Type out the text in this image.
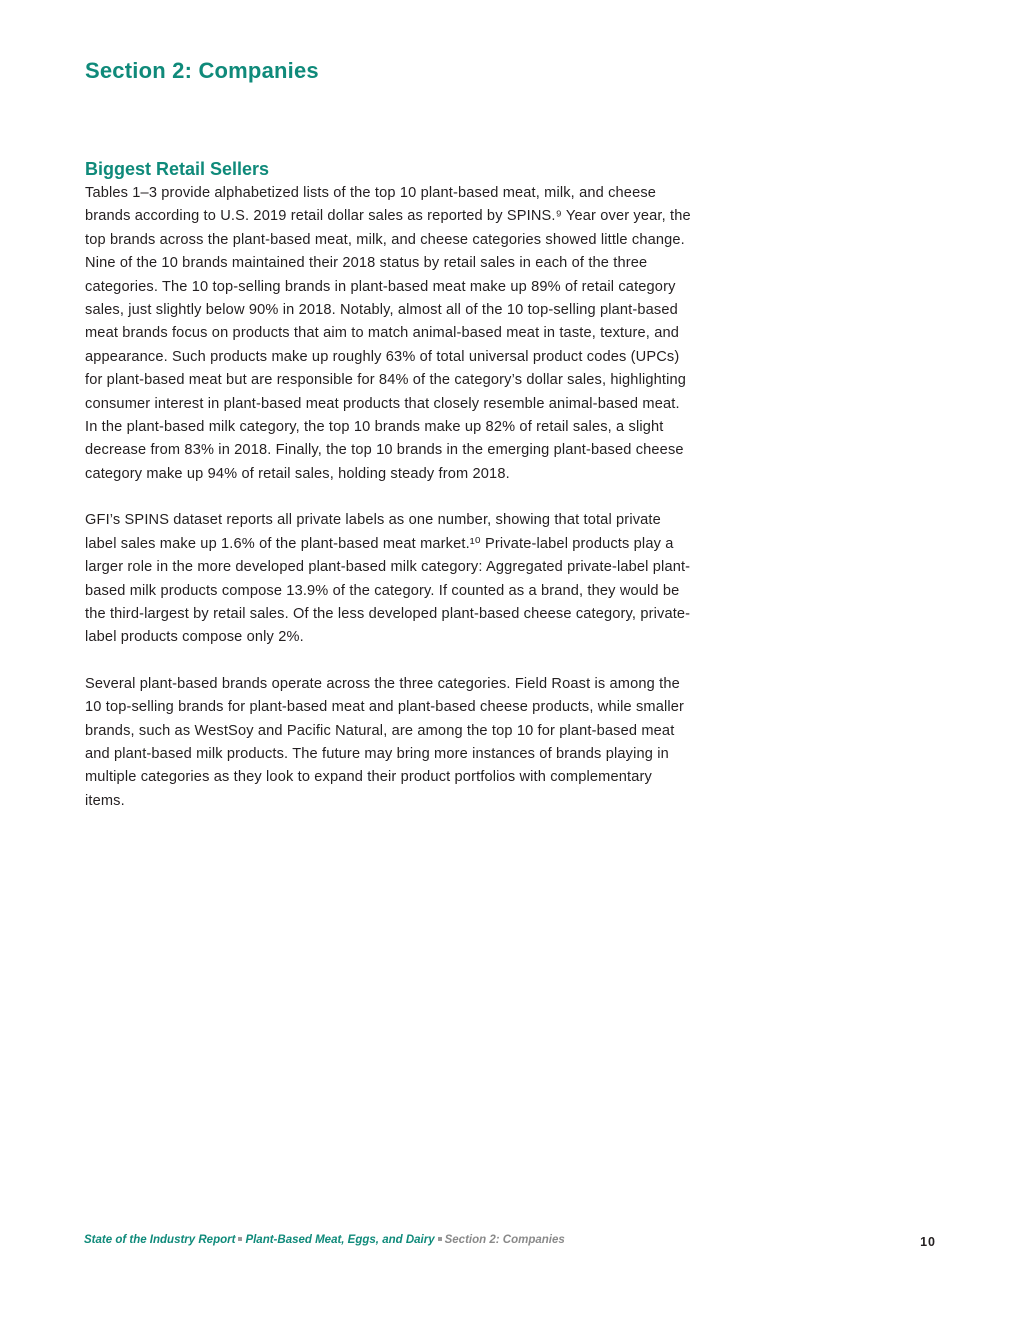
Section 2: Companies
Biggest Retail Sellers

Tables 1–3 provide alphabetized lists of the top 10 plant-based meat, milk, and cheese brands according to U.S. 2019 retail dollar sales as reported by SPINS.⁹ Year over year, the top brands across the plant-based meat, milk, and cheese categories showed little change. Nine of the 10 brands maintained their 2018 status by retail sales in each of the three categories. The 10 top-selling brands in plant-based meat make up 89% of retail category sales, just slightly below 90% in 2018. Notably, almost all of the 10 top-selling plant-based meat brands focus on products that aim to match animal-based meat in taste, texture, and appearance. Such products make up roughly 63% of total universal product codes (UPCs) for plant-based meat but are responsible for 84% of the category’s dollar sales, highlighting consumer interest in plant-based meat products that closely resemble animal-based meat. In the plant-based milk category, the top 10 brands make up 82% of retail sales, a slight decrease from 83% in 2018. Finally, the top 10 brands in the emerging plant-based cheese category make up 94% of retail sales, holding steady from 2018.

GFI’s SPINS dataset reports all private labels as one number, showing that total private label sales make up 1.6% of the plant-based meat market.¹⁰ Private-label products play a larger role in the more developed plant-based milk category: Aggregated private-label plant-based milk products compose 13.9% of the category. If counted as a brand, they would be the third-largest by retail sales. Of the less developed plant-based cheese category, private-label products compose only 2%.

Several plant-based brands operate across the three categories. Field Roast is among the 10 top-selling brands for plant-based meat and plant-based cheese products, while smaller brands, such as WestSoy and Pacific Natural, are among the top 10 for plant-based meat and plant-based milk products. The future may bring more instances of brands playing in multiple categories as they look to expand their product portfolios with complementary items.

State of the Industry Report Plant-Based Meat, Eggs, and Dairy Section 2: Companies	10
